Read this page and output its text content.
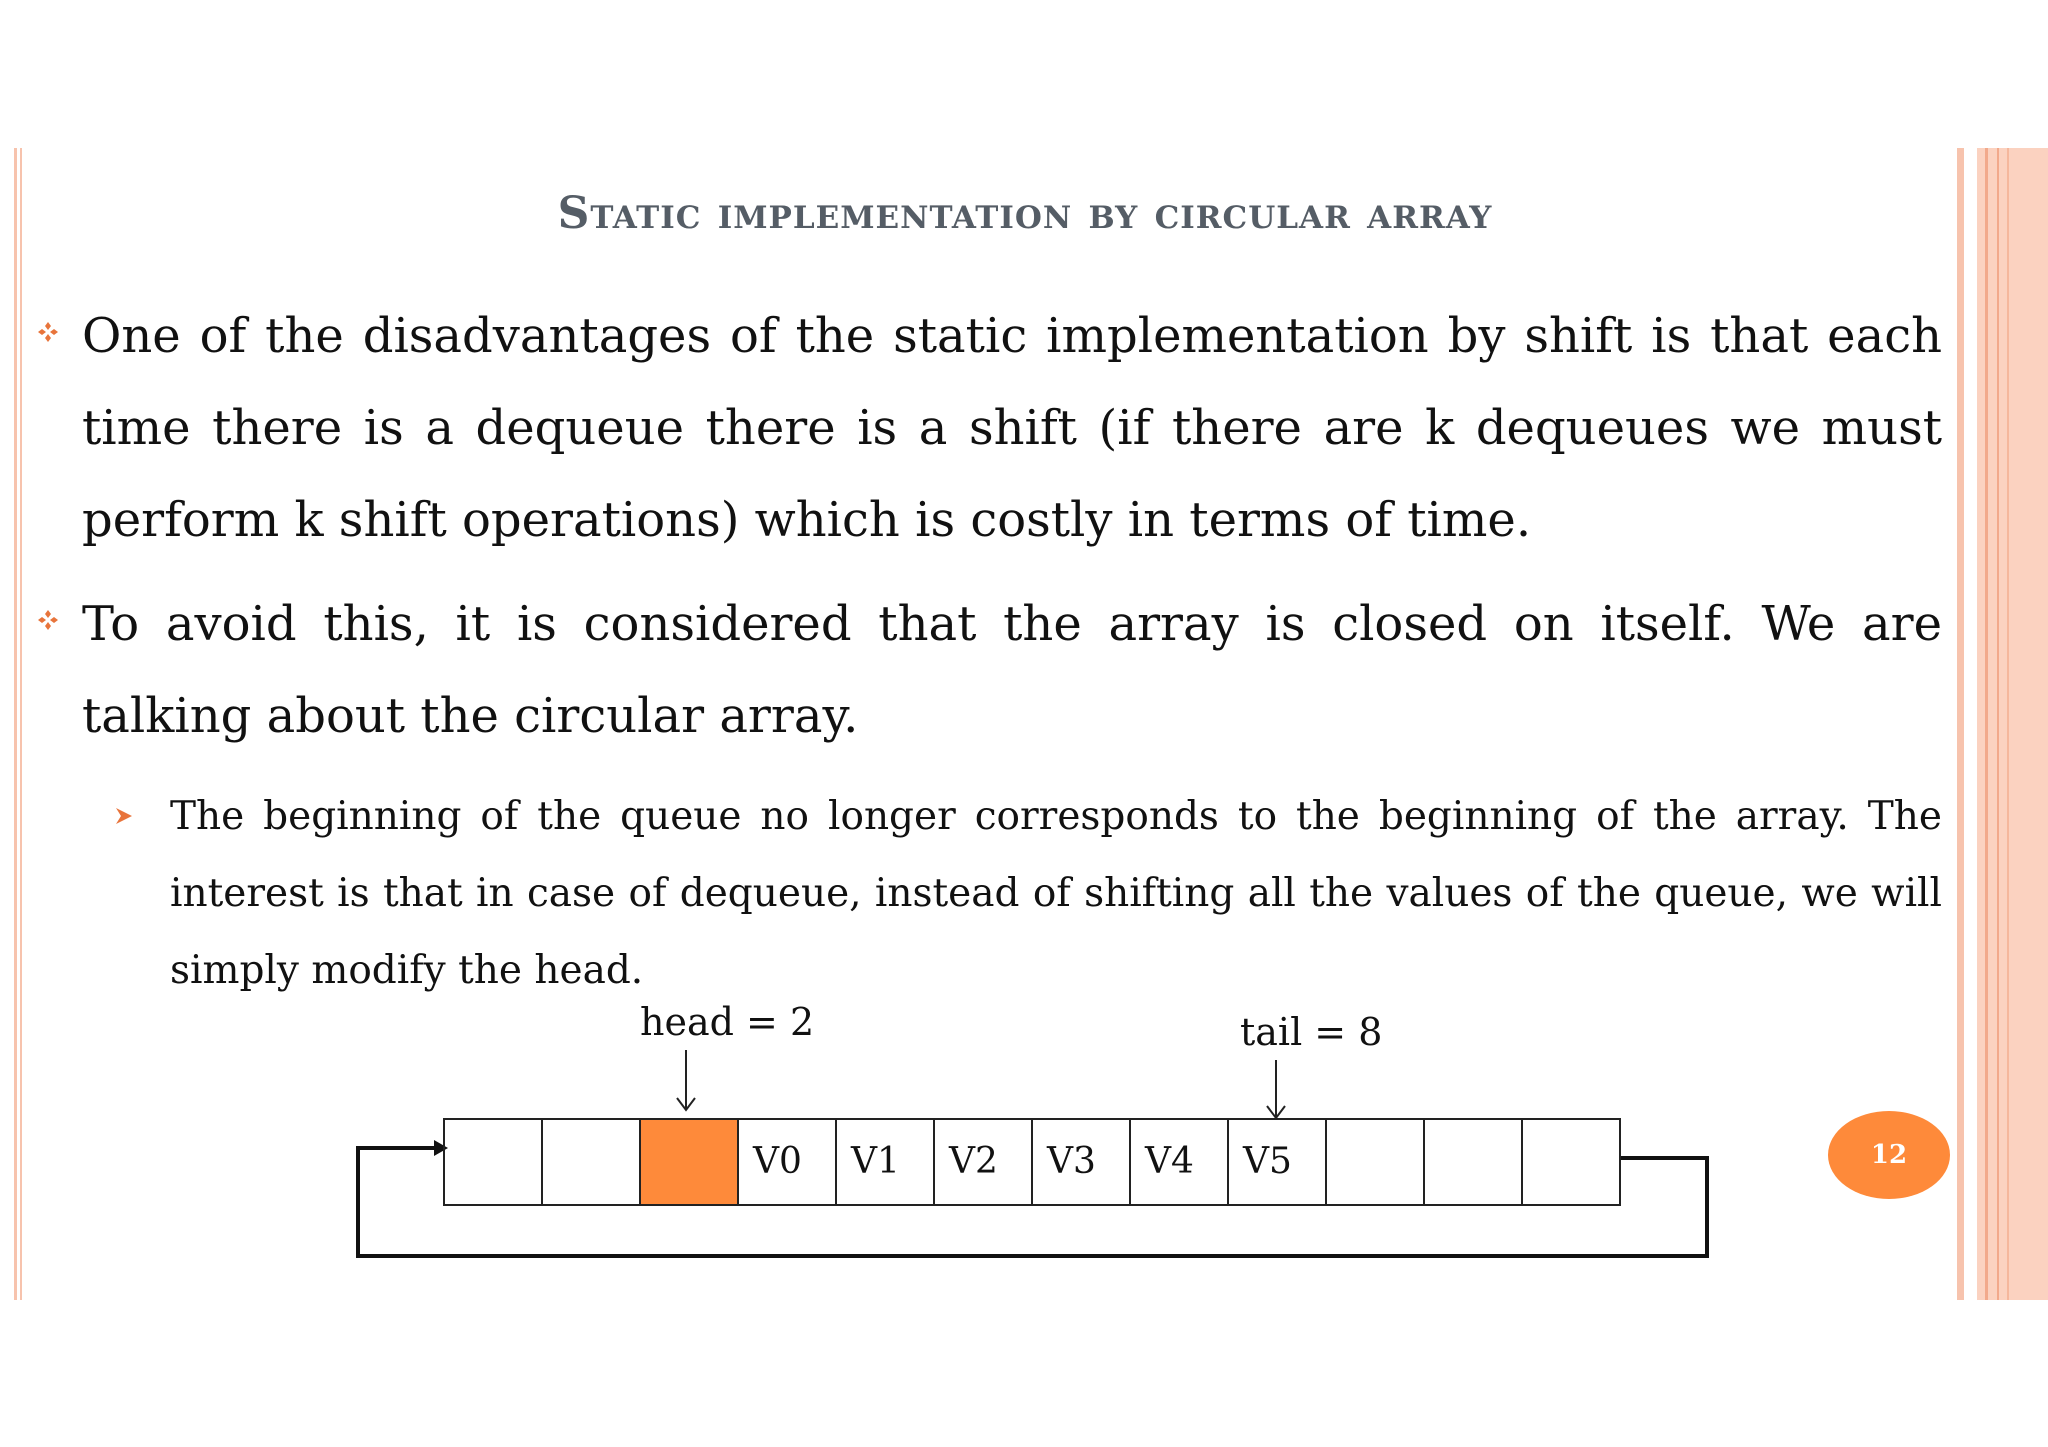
Static implementation by circular array
One of the disadvantages of the static implementation by shift is that each time there is a dequeue there is a shift (if there are k dequeues we must perform k shift operations) which is costly in terms of time.
To avoid this, it is considered that the array is closed on itself. We are talking about the circular array.
The beginning of the queue no longer corresponds to the beginning of the array. The interest is that in case of dequeue, instead of shifting all the values of the queue, we will simply modify the head.
head = 2	tail = 8
V0	V1	V2	V3	V4	V5	12
